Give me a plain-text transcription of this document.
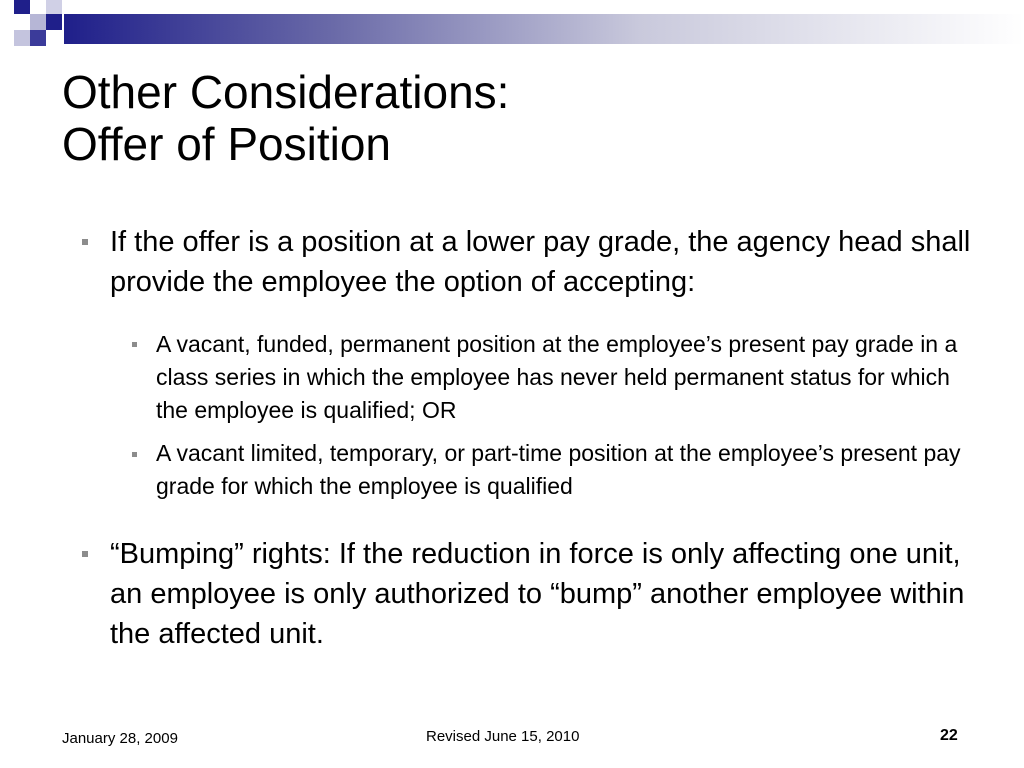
Other Considerations:
Offer of Position

If the offer is a position at a lower pay grade, the agency head shall provide the employee the option of accepting:

A vacant, funded, permanent position at the employee’s present pay grade in a class series in which the employee has never held permanent status for which the employee is qualified; OR

A vacant limited, temporary, or part-time position at the employee’s present pay grade for which the employee is qualified

“Bumping” rights: If the reduction in force is only affecting one unit, an employee is only authorized to “bump” another employee within the affected unit.

January 28, 2009	Revised June 15, 2010	22
